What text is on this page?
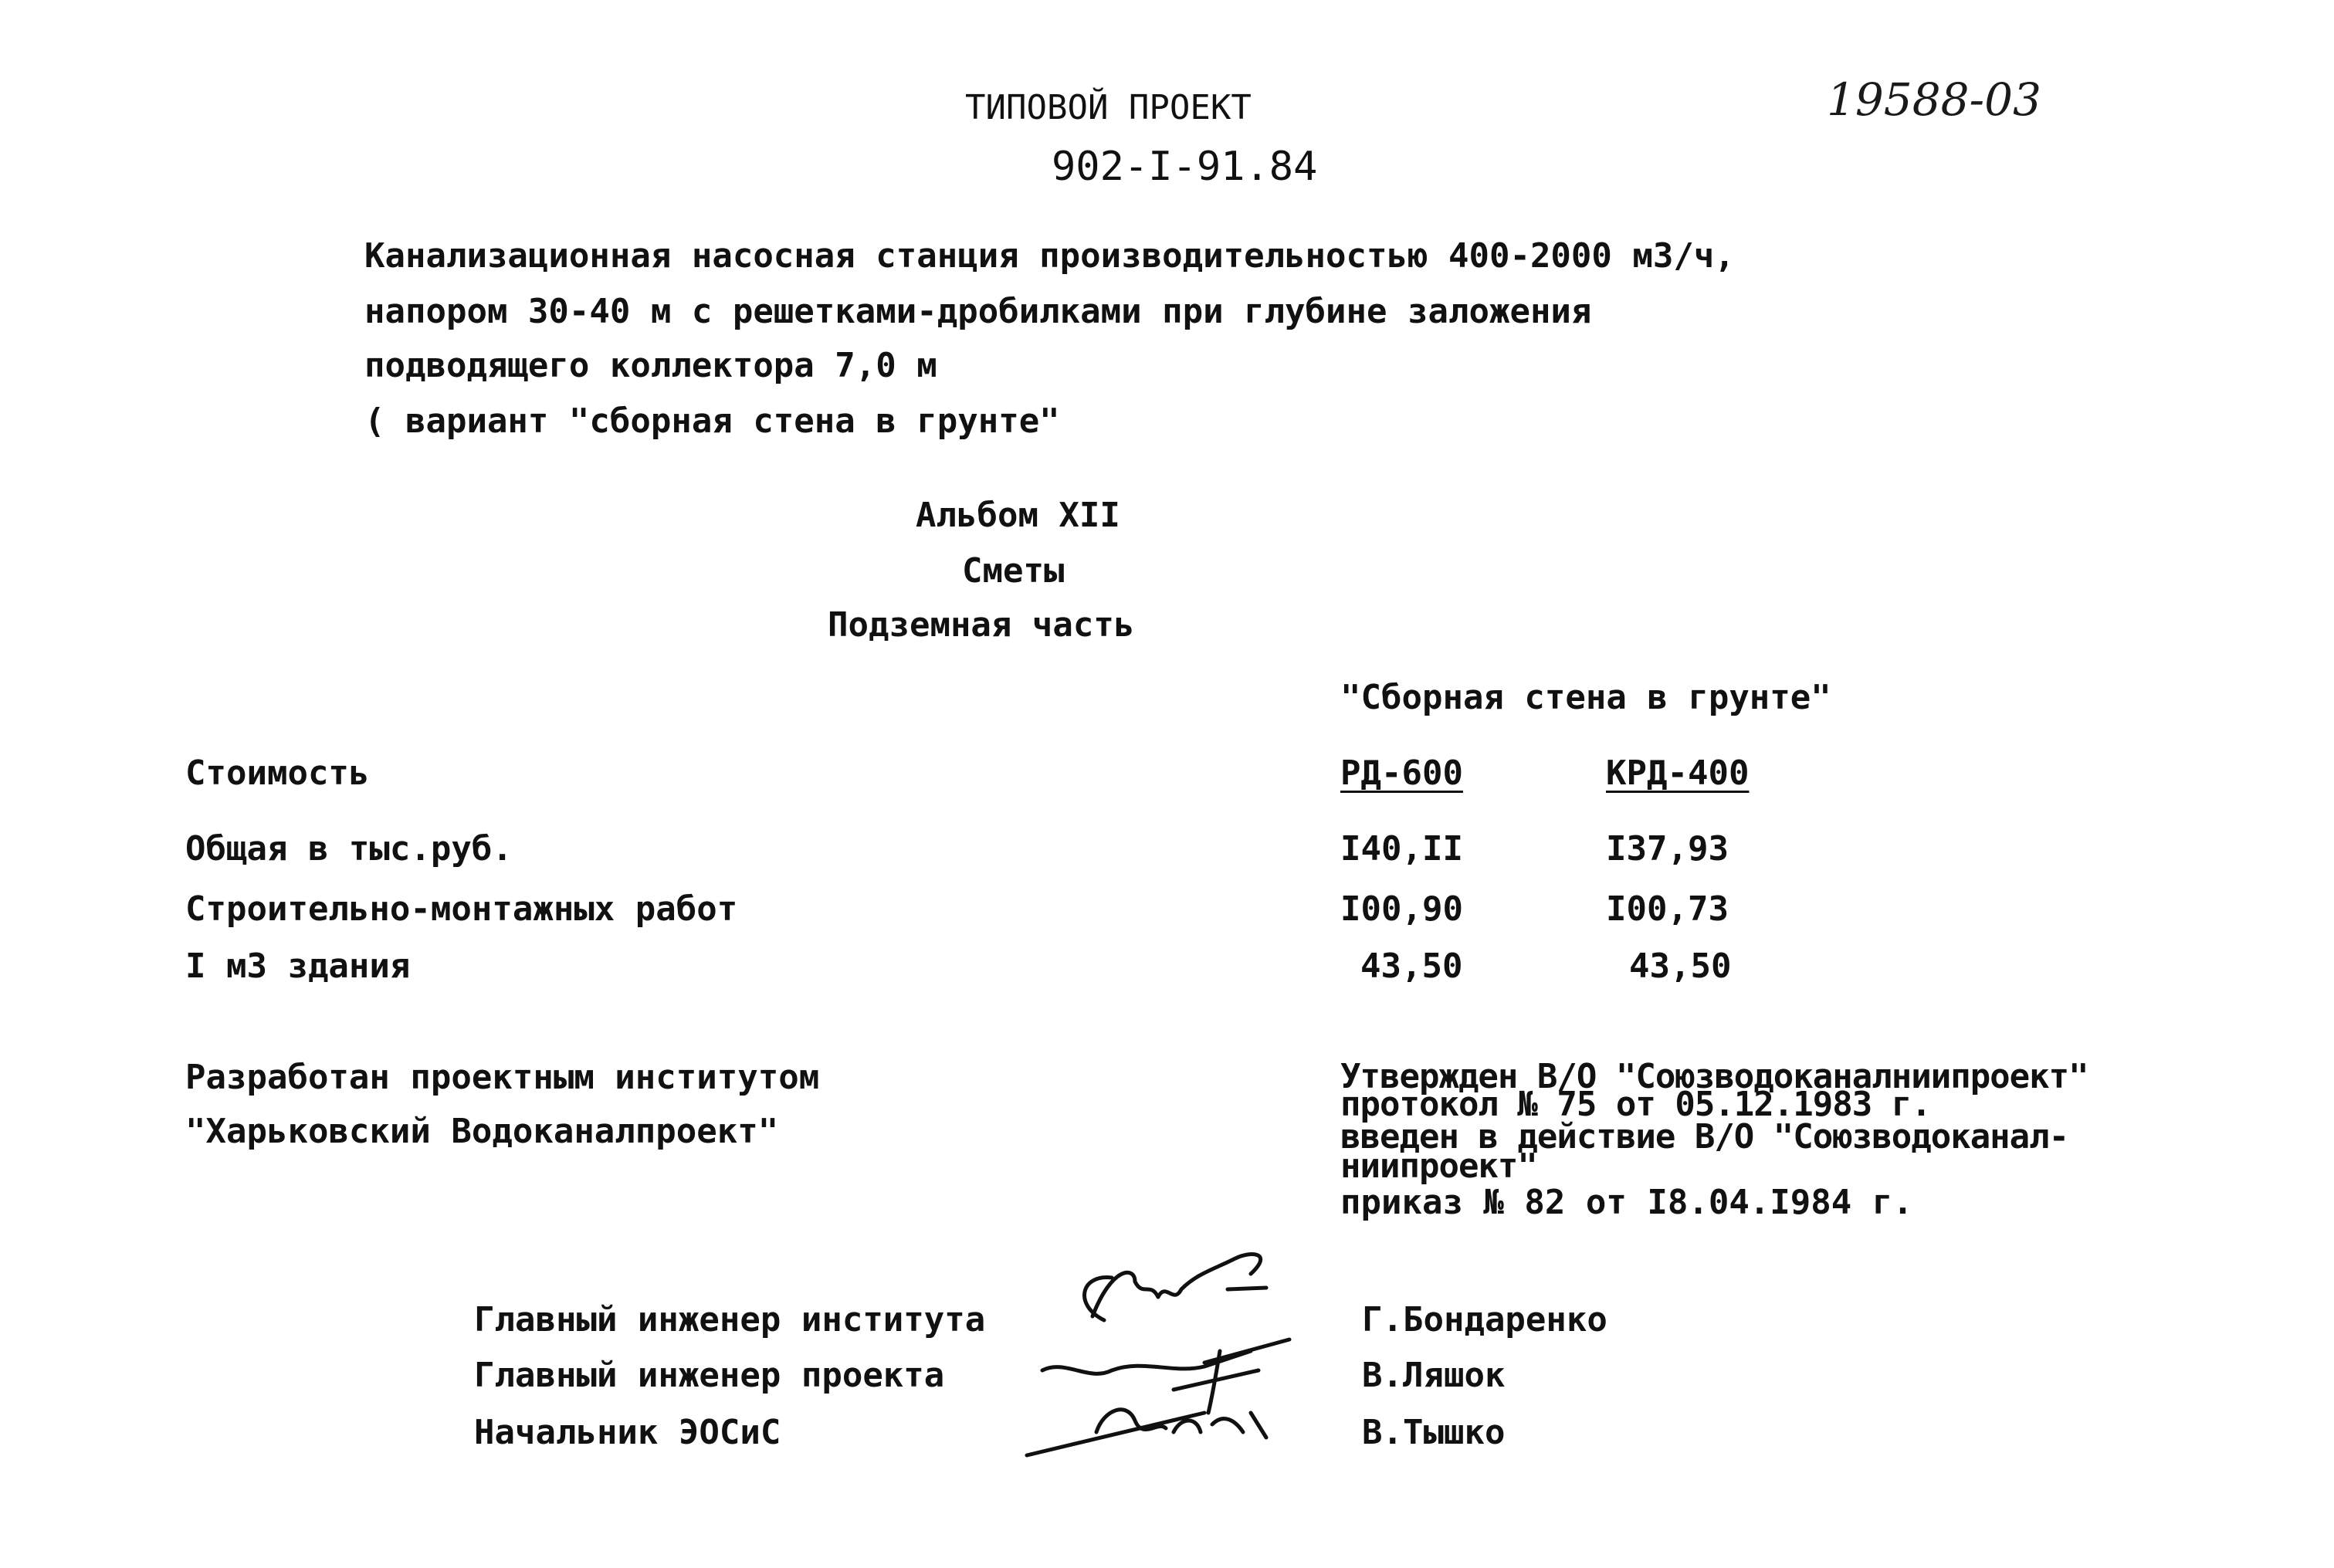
ТИПОВОЙ ПРОЕКТ
902-I-91.84
19588-03
Канализационная насосная станция производительностью 400-2000 м3/ч,
напором 30-40 м с решетками-дробилками при глубине заложения
подводящего коллектора 7,0 м
( вариант "сборная стена в грунте"
Альбом XII
Сметы
Подземная часть
"Сборная стена в грунте"
Стоимость	РД-600	КРД-400
Общая в тыс.руб.	I40,II	I37,93
Строительно-монтажных работ	I00,90	I00,73
I м3 здания	43,50	43,50
Разработан проектным институтом
"Харьковский Водоканалпроект"
Утвержден В/О "Союзводоканалниипроект"
протокол № 75 от 05.12.1983 г.
введен в действие В/О "Союзводоканал-
ниипроект"
приказ № 82 от I8.04.I984 г.
Главный инженер института	Г.Бондаренко
Главный инженер проекта	В.Ляшок
Начальник ЭОСиС	В.Тышко
